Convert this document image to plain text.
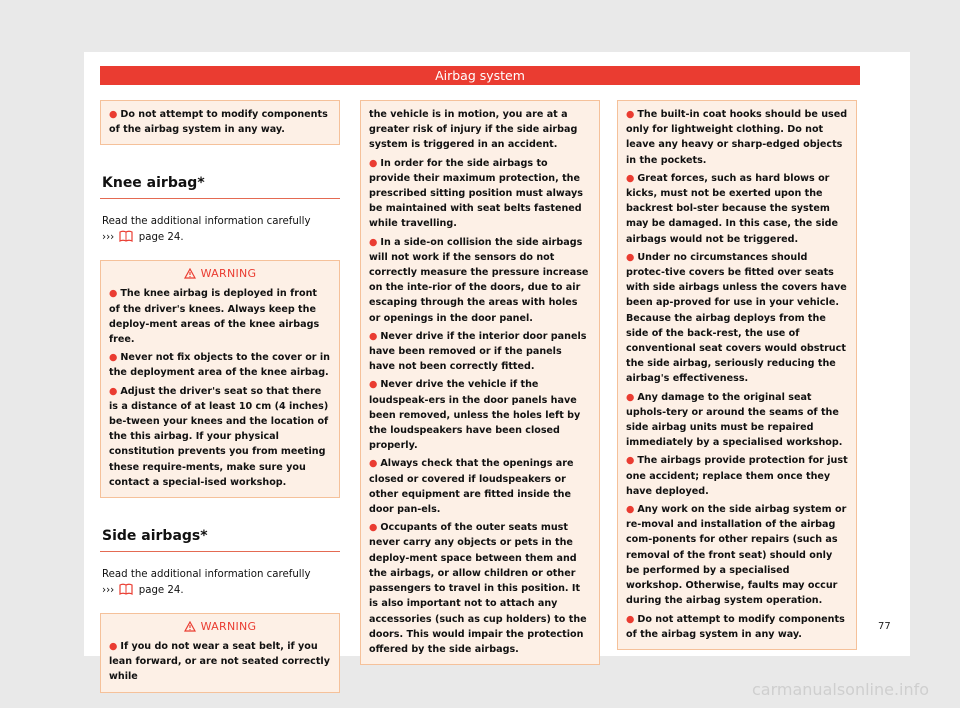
Airbag system
● Do not attempt to modify components of the airbag system in any way.
Knee airbag*
Read the additional information carefully
››› page 24.
WARNING
● The knee airbag is deployed in front of the driver's knees. Always keep the deploy-ment areas of the knee airbags free.
● Never not fix objects to the cover or in the deployment area of the knee airbag.
● Adjust the driver's seat so that there is a distance of at least 10 cm (4 inches) be-tween your knees and the location of the this airbag. If your physical constitution prevents you from meeting these require-ments, make sure you contact a special-ised workshop.
Side airbags*
Read the additional information carefully
››› page 24.
WARNING
● If you do not wear a seat belt, if you lean forward, or are not seated correctly while
the vehicle is in motion, you are at a greater risk of injury if the side airbag system is triggered in an accident.
● In order for the side airbags to provide their maximum protection, the prescribed sitting position must always be maintained with seat belts fastened while travelling.
● In a side-on collision the side airbags will not work if the sensors do not correctly measure the pressure increase on the inte-rior of the doors, due to air escaping through the areas with holes or openings in the door panel.
● Never drive if the interior door panels have been removed or if the panels have not been correctly fitted.
● Never drive the vehicle if the loudspeak-ers in the door panels have been removed, unless the holes left by the loudspeakers have been closed properly.
● Always check that the openings are closed or covered if loudspeakers or other equipment are fitted inside the door pan-els.
● Occupants of the outer seats must never carry any objects or pets in the deploy-ment space between them and the airbags, or allow children or other passengers to travel in this position. It is also important not to attach any accessories (such as cup holders) to the doors. This would impair the protection offered by the side airbags.
● The built-in coat hooks should be used only for lightweight clothing. Do not leave any heavy or sharp-edged objects in the pockets.
● Great forces, such as hard blows or kicks, must not be exerted upon the backrest bol-ster because the system may be damaged. In this case, the side airbags would not be triggered.
● Under no circumstances should protec-tive covers be fitted over seats with side airbags unless the covers have been ap-proved for use in your vehicle. Because the airbag deploys from the side of the back-rest, the use of conventional seat covers would obstruct the side airbag, seriously reducing the airbag's effectiveness.
● Any damage to the original seat uphols-tery or around the seams of the side airbag units must be repaired immediately by a specialised workshop.
● The airbags provide protection for just one accident; replace them once they have deployed.
● Any work on the side airbag system or re-moval and installation of the airbag com-ponents for other repairs (such as removal of the front seat) should only be performed by a specialised workshop. Otherwise, faults may occur during the airbag system operation.
● Do not attempt to modify components of the airbag system in any way.
77
carmanualsonline.info
